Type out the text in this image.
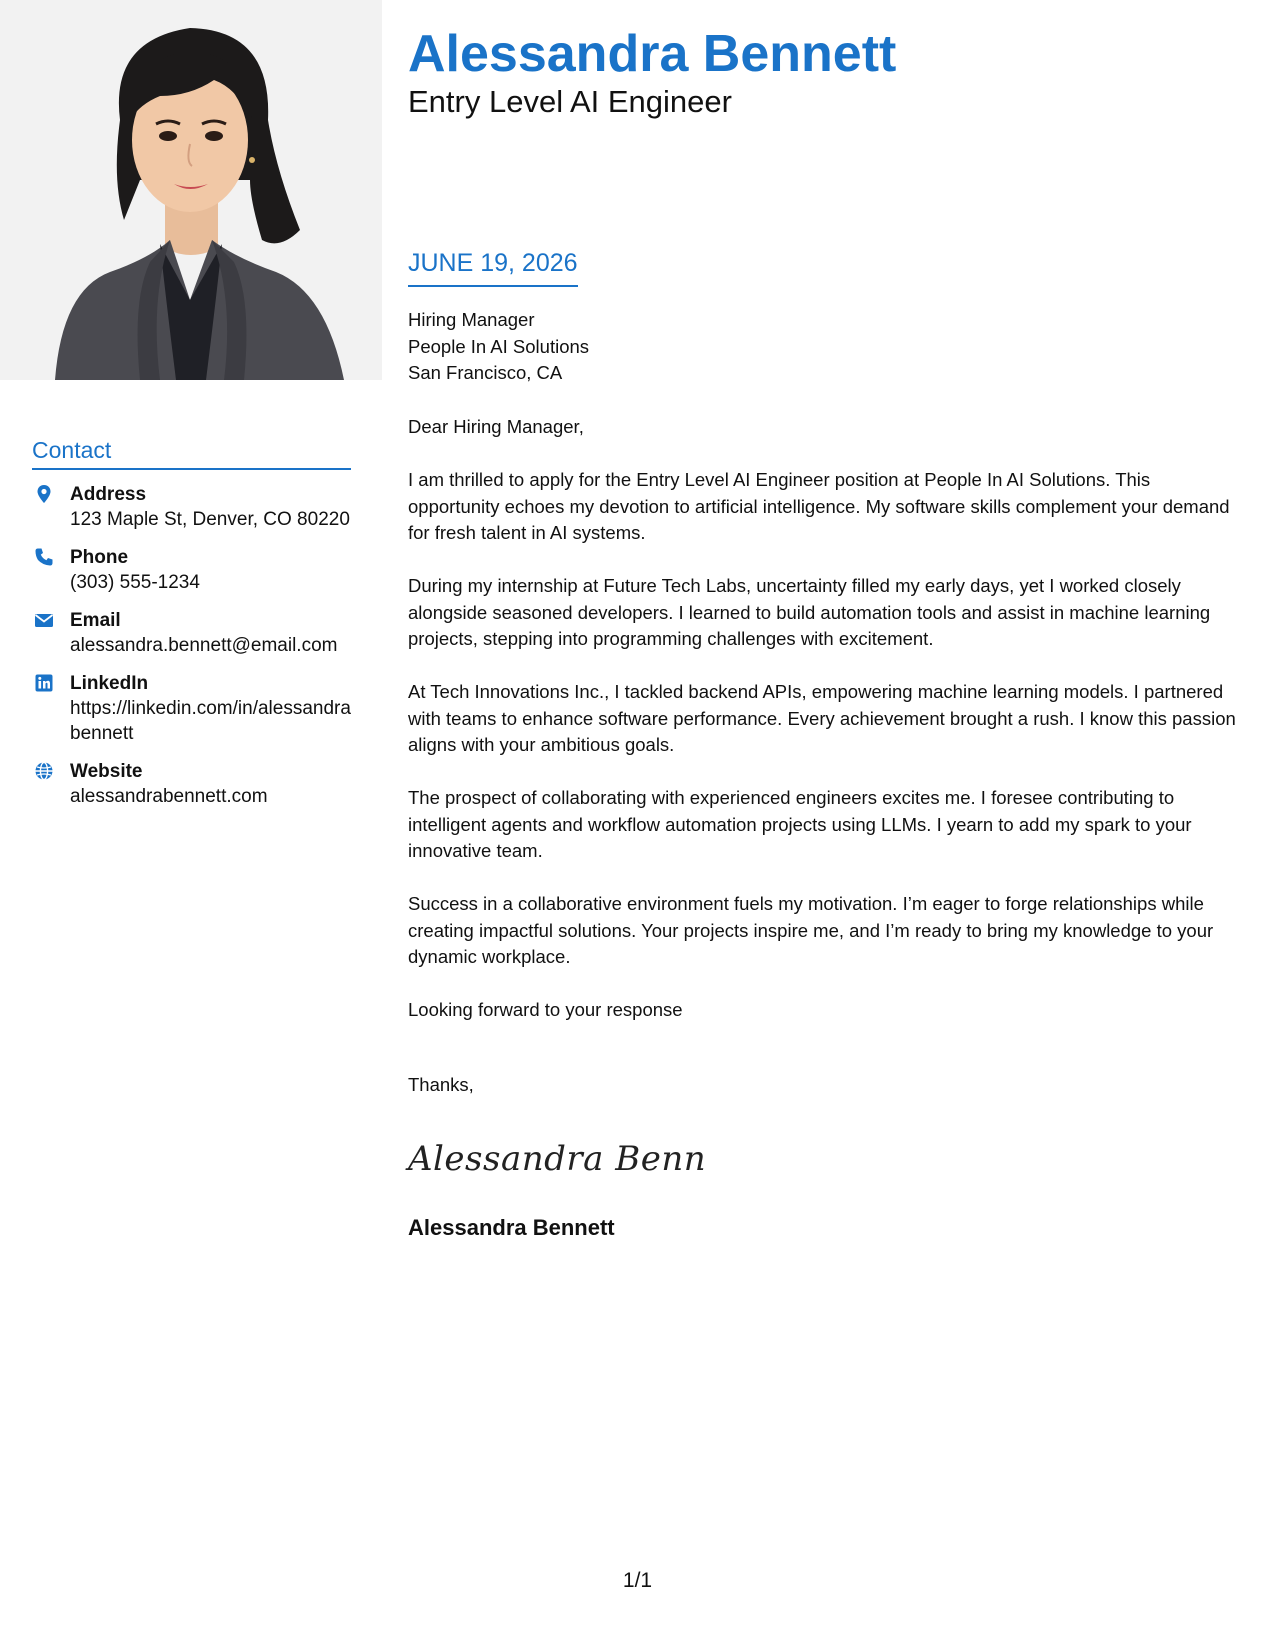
Contact
Address
123 Maple St, Denver, CO 80220
Phone
(303) 555-1234
Email
alessandra.bennett@email.com
LinkedIn
https://linkedin.com/in/alessandrabennett
Website
alessandrabennett.com
Alessandra Bennett
Entry Level AI Engineer
JUNE 19, 2026
Hiring Manager
People In AI Solutions
San Francisco, CA

Dear Hiring Manager,

I am thrilled to apply for the Entry Level AI Engineer position at People In AI Solutions. This opportunity echoes my devotion to artificial intelligence. My software skills complement your demand for fresh talent in AI systems.

During my internship at Future Tech Labs, uncertainty filled my early days, yet I worked closely alongside seasoned developers. I learned to build automation tools and assist in machine learning projects, stepping into programming challenges with excitement.

At Tech Innovations Inc., I tackled backend APIs, empowering machine learning models. I partnered with teams to enhance software performance. Every achievement brought a rush. I know this passion aligns with your ambitious goals.

The prospect of collaborating with experienced engineers excites me. I foresee contributing to intelligent agents and workflow automation projects using LLMs. I yearn to add my spark to your innovative team.

Success in a collaborative environment fuels my motivation. I’m eager to forge relationships while creating impactful solutions. Your projects inspire me, and I’m ready to bring my knowledge to your dynamic workplace.

Looking forward to your response

Thanks,
Alessandra Benn
Alessandra Bennett
1/1
